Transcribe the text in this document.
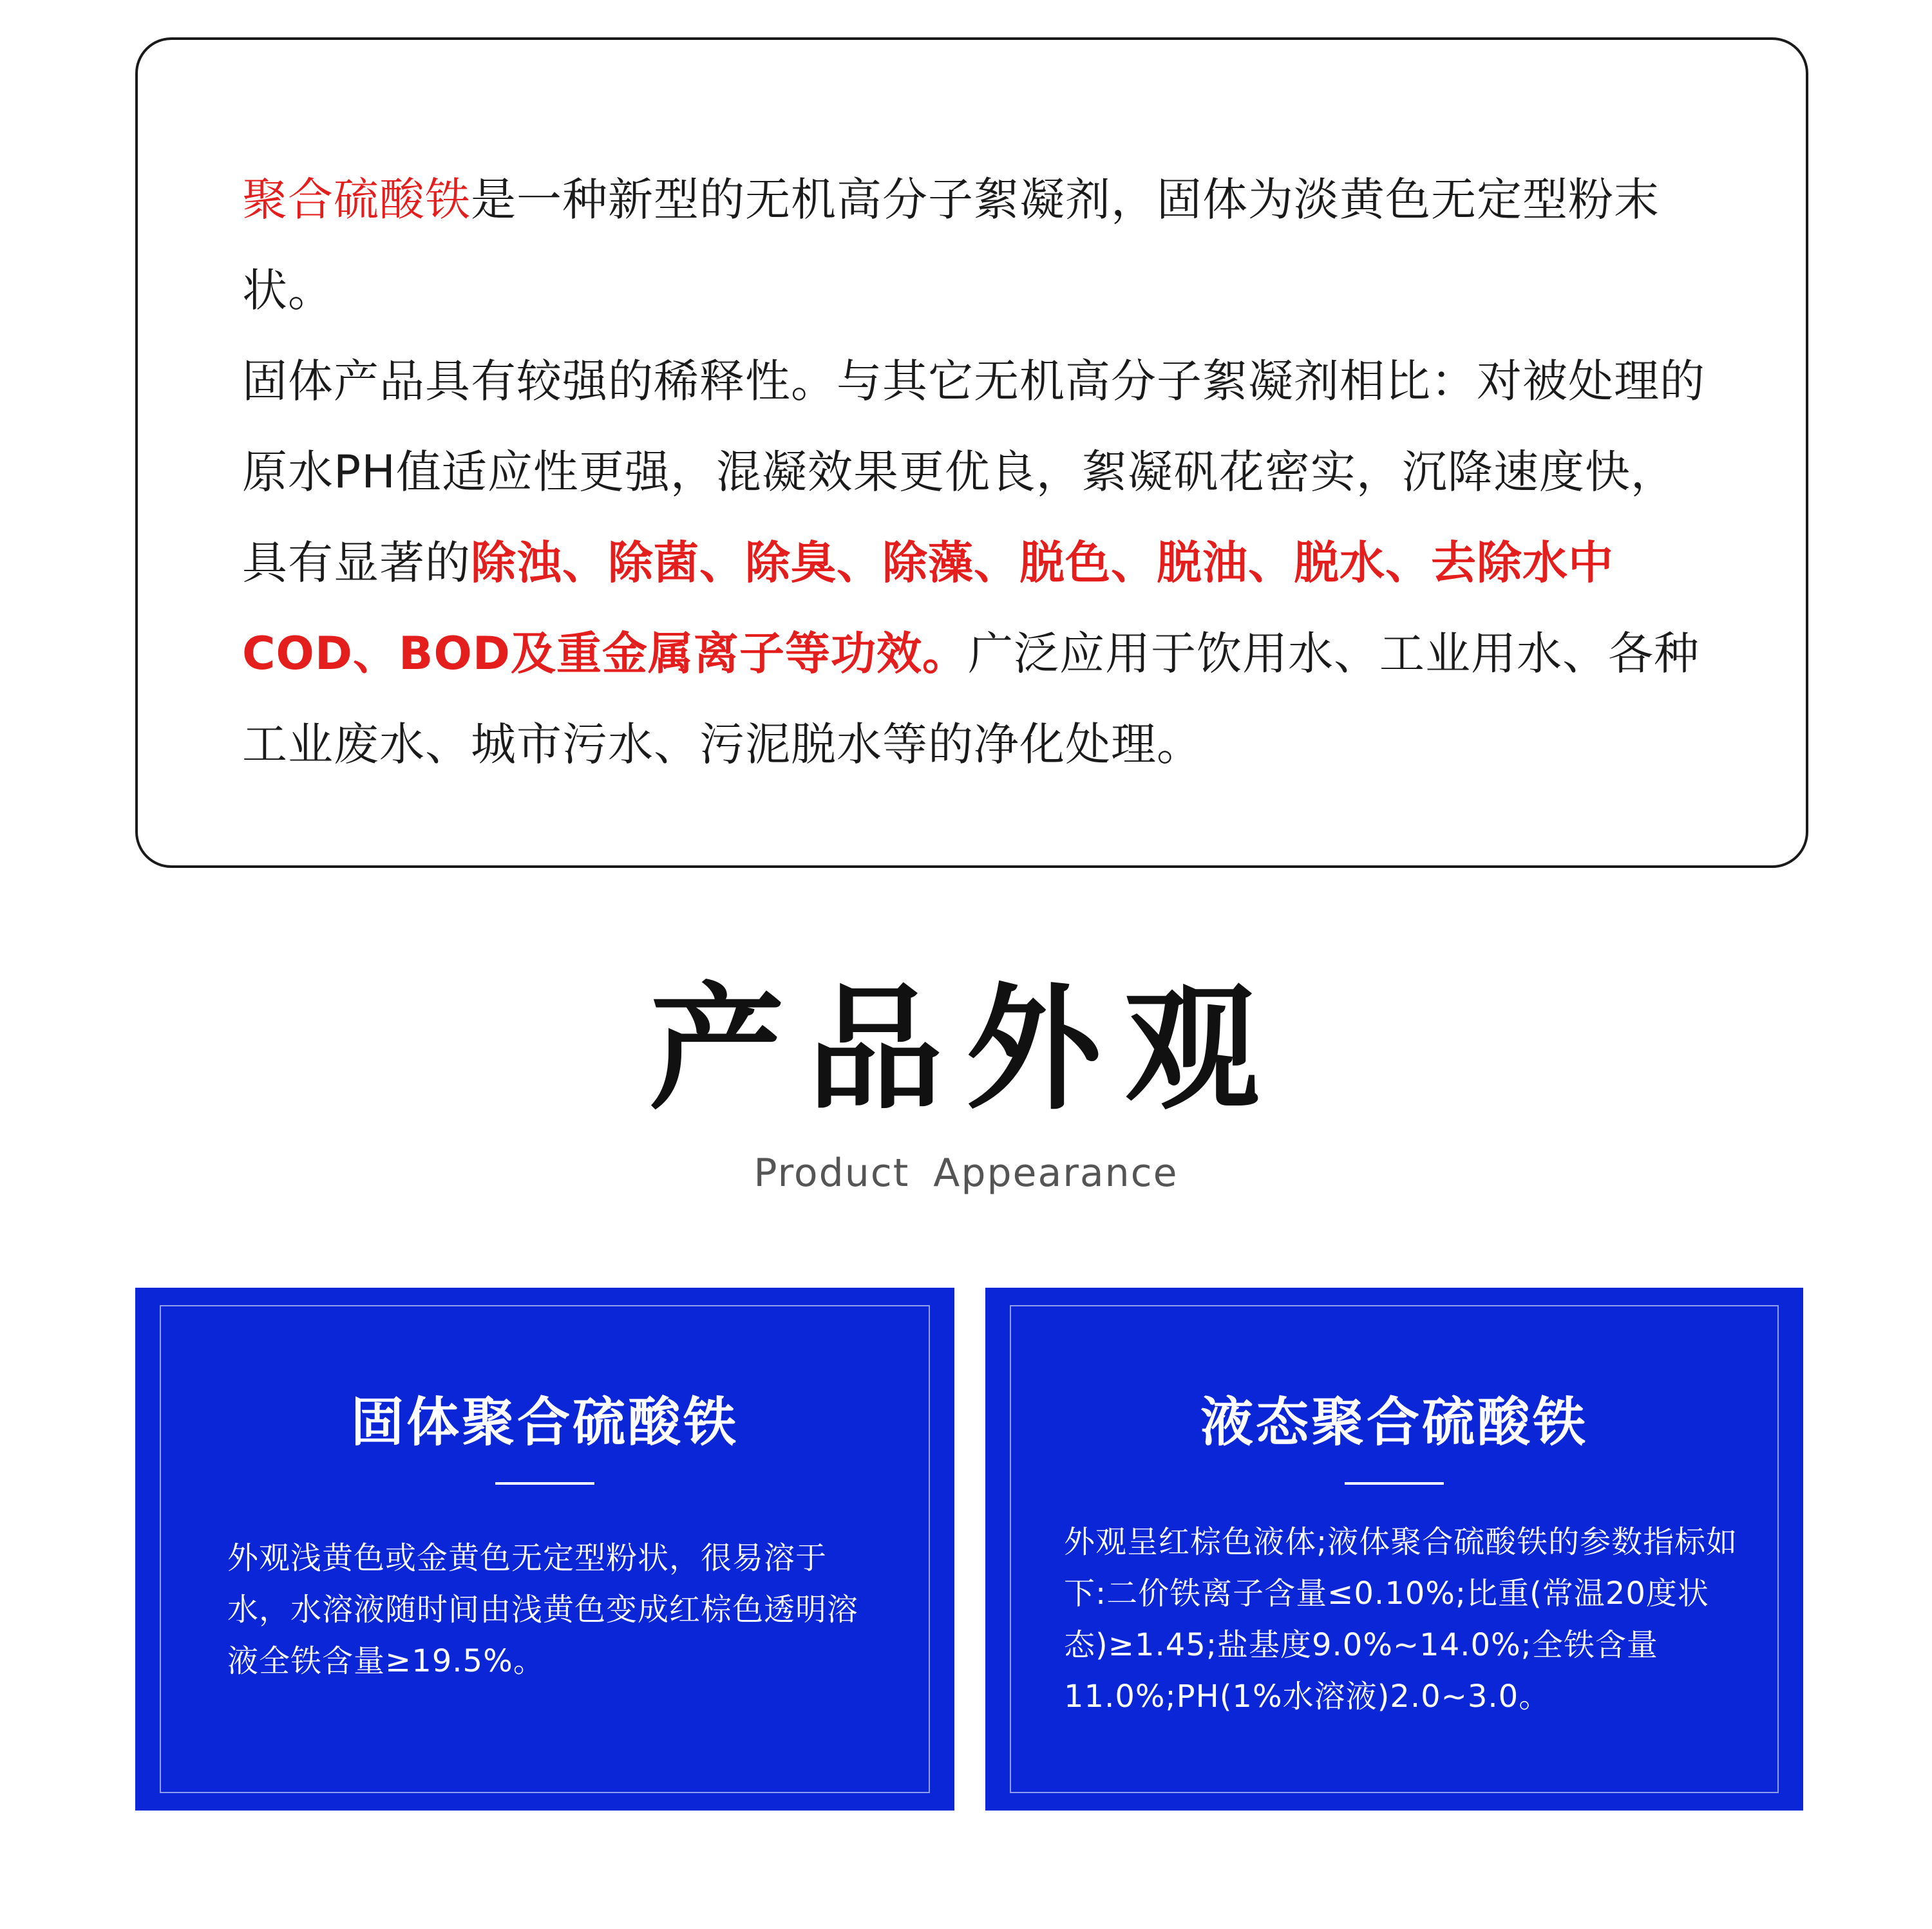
聚合硫酸铁是一种新型的无机高分子絮凝剂，固体为淡黄色无定型粉末状。

固体产品具有较强的稀释性。与其它无机高分子絮凝剂相比：对被处理的原水PH值适应性更强，混凝效果更优良，絮凝矾花密实，沉降速度快，具有显著的除浊、除菌、除臭、除藻、脱色、脱油、脱水、去除水中COD、BOD及重金属离子等功效。广泛应用于饮用水、工业用水、各种工业废水、城市污水、污泥脱水等的净化处理。

产品外观
Product Appearance
固体聚合硫酸铁
外观浅黄色或金黄色无定型粉状，很易溶于水，水溶液随时间由浅黄色变成红棕色透明溶液全铁含量≥19.5%。
液态聚合硫酸铁
外观呈红棕色液体;液体聚合硫酸铁的参数指标如下:二价铁离子含量≤0.10%;比重(常温20度状态)≥1.45;盐基度9.0%~14.0%;全铁含量11.0%;PH(1%水溶液)2.0~3.0。
